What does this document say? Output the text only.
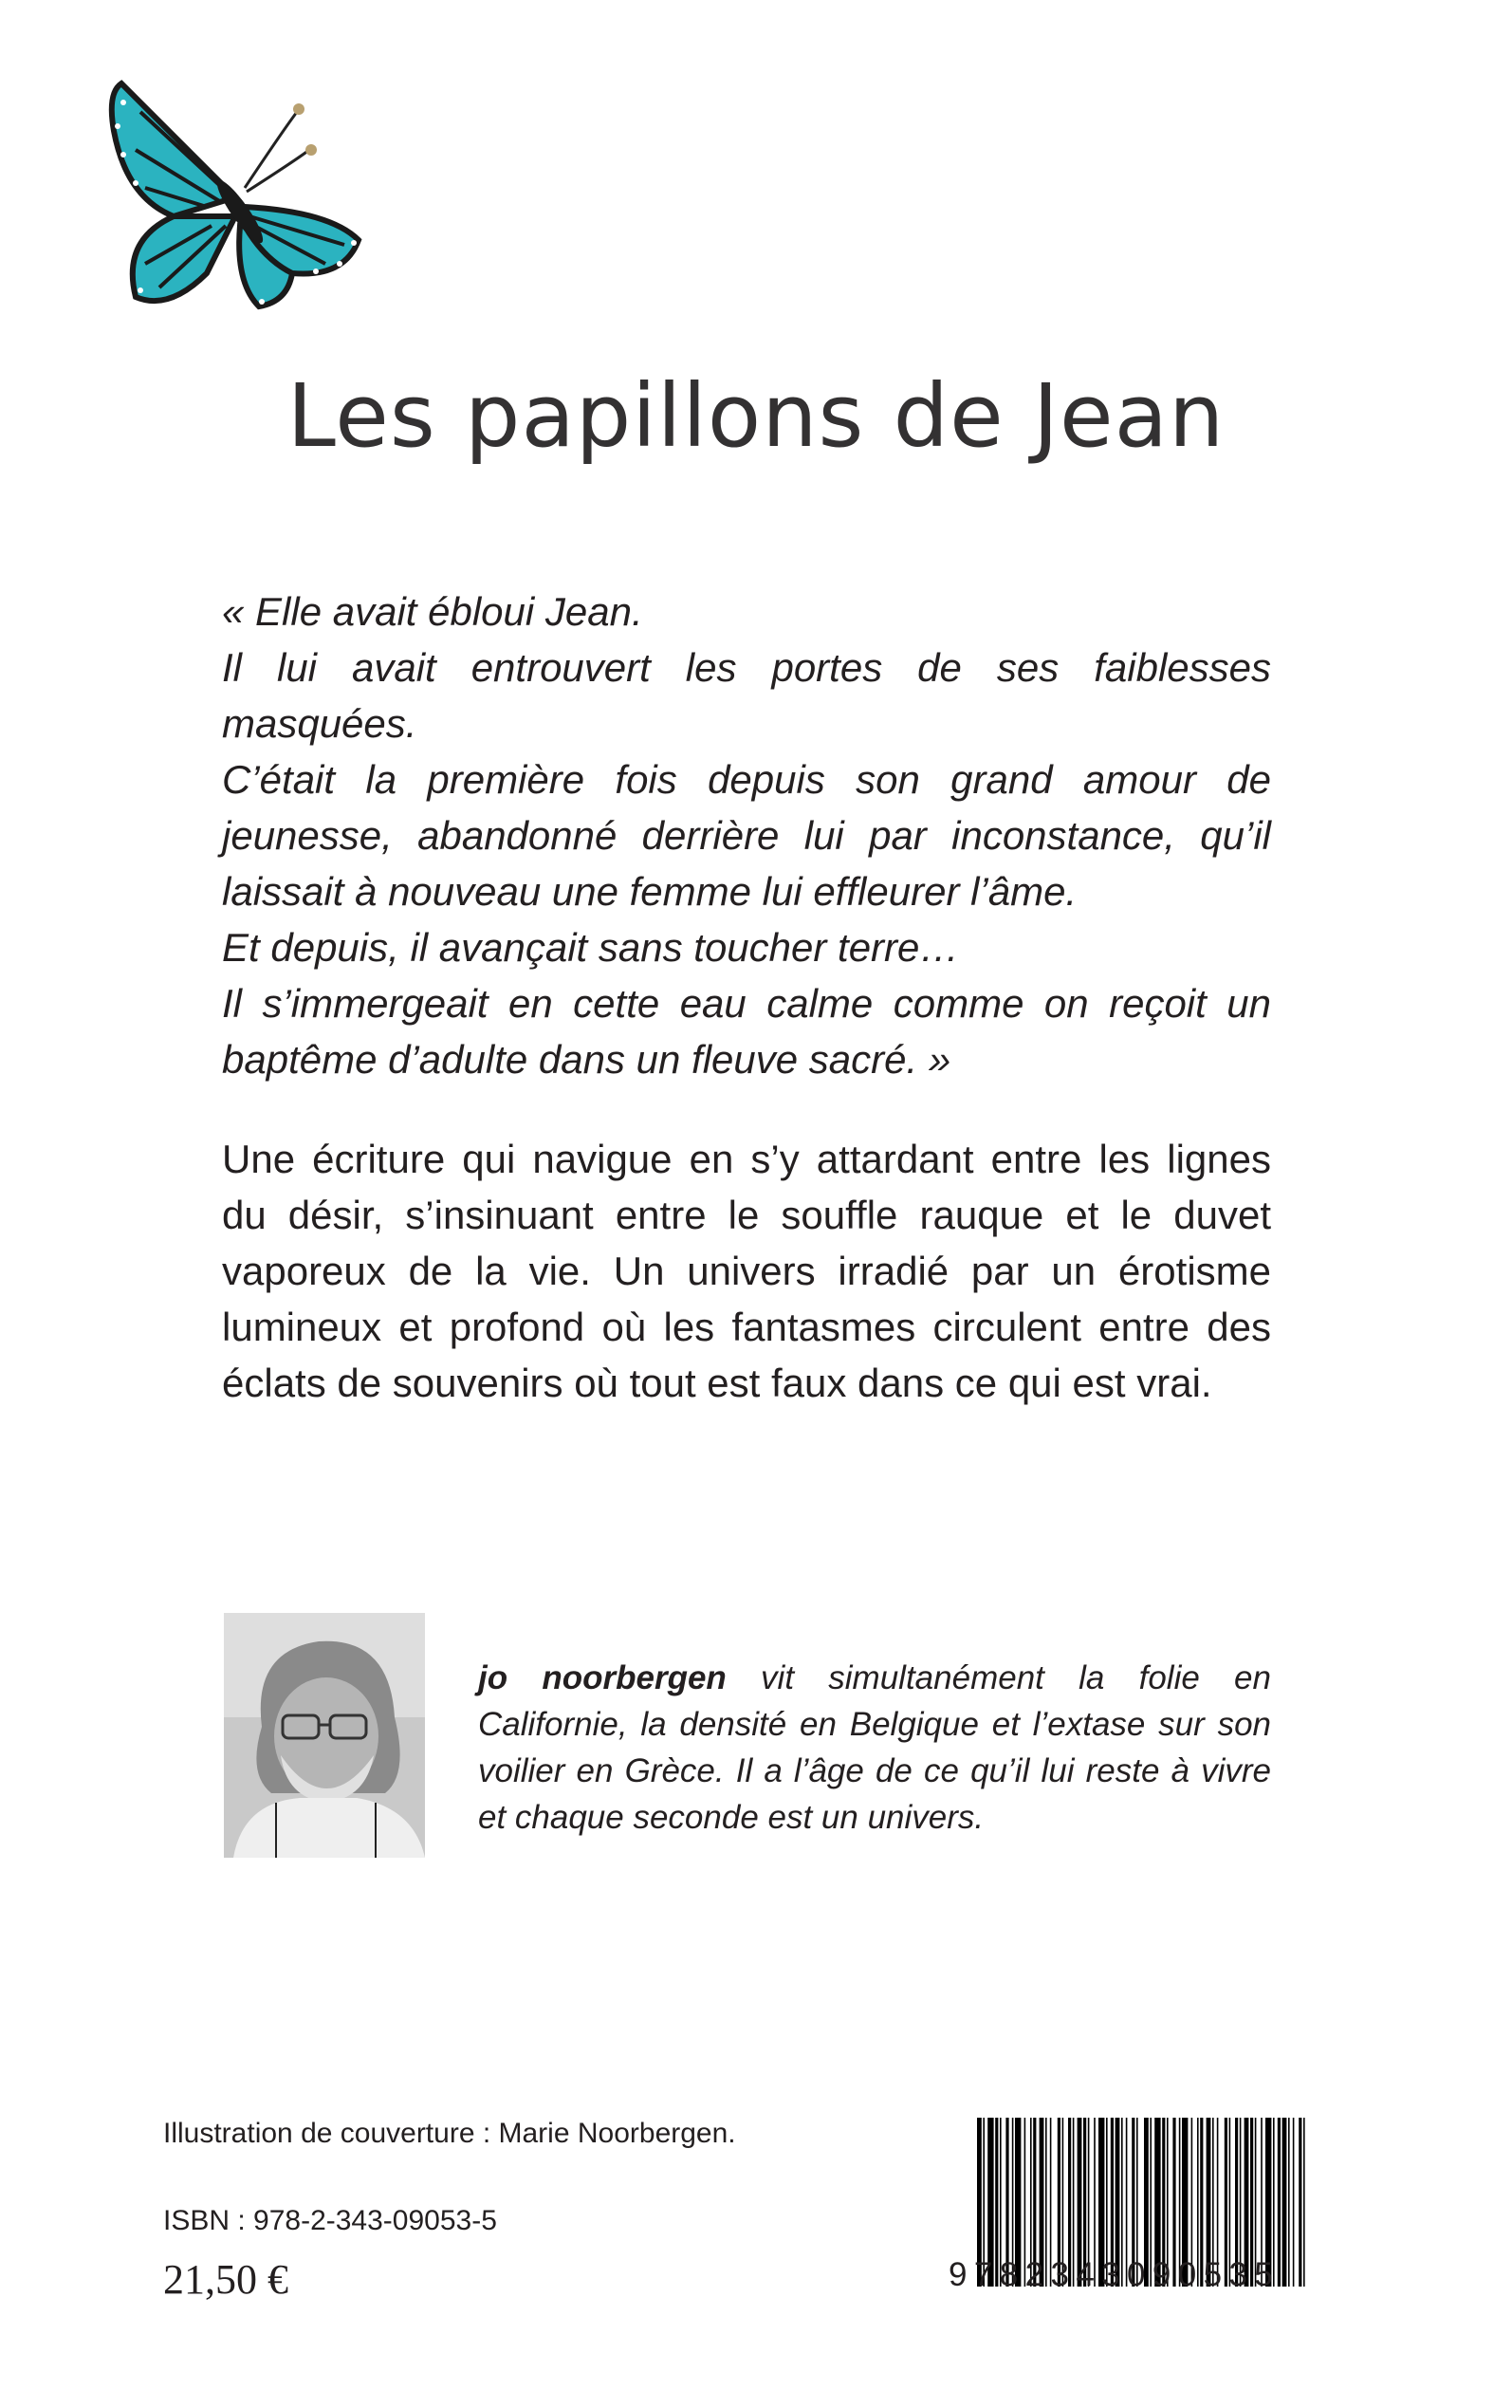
Les papillons de Jean

« Elle avait ébloui Jean.

Il lui avait entrouvert les portes de ses faiblesses masquées.

C’était la première fois depuis son grand amour de jeunesse, abandonné derrière lui par inconstance, qu’il laissait à nouveau une femme lui effleurer l’âme.

Et depuis, il avançait sans toucher terre…

Il s’immergeait en cette eau calme comme on reçoit un baptême d’adulte dans un fleuve sacré. »

Une écriture qui navigue en s’y attardant entre les lignes du désir, s’insinuant entre le souffle rauque et le duvet vaporeux de la vie. Un univers irradié par un érotisme lumineux et profond où les fantasmes circulent entre des éclats de souvenirs où tout est faux dans ce qui est vrai.

jo noorbergen vit simultanément la folie en Californie, la densité en Belgique et l’extase sur son voilier en Grèce. Il a l’âge de ce qu’il lui reste à vivre et chaque seconde est un univers.

Illustration de couverture : Marie Noorbergen.
ISBN : 978-2-343-09053-5
21,50 €	9782343090535
